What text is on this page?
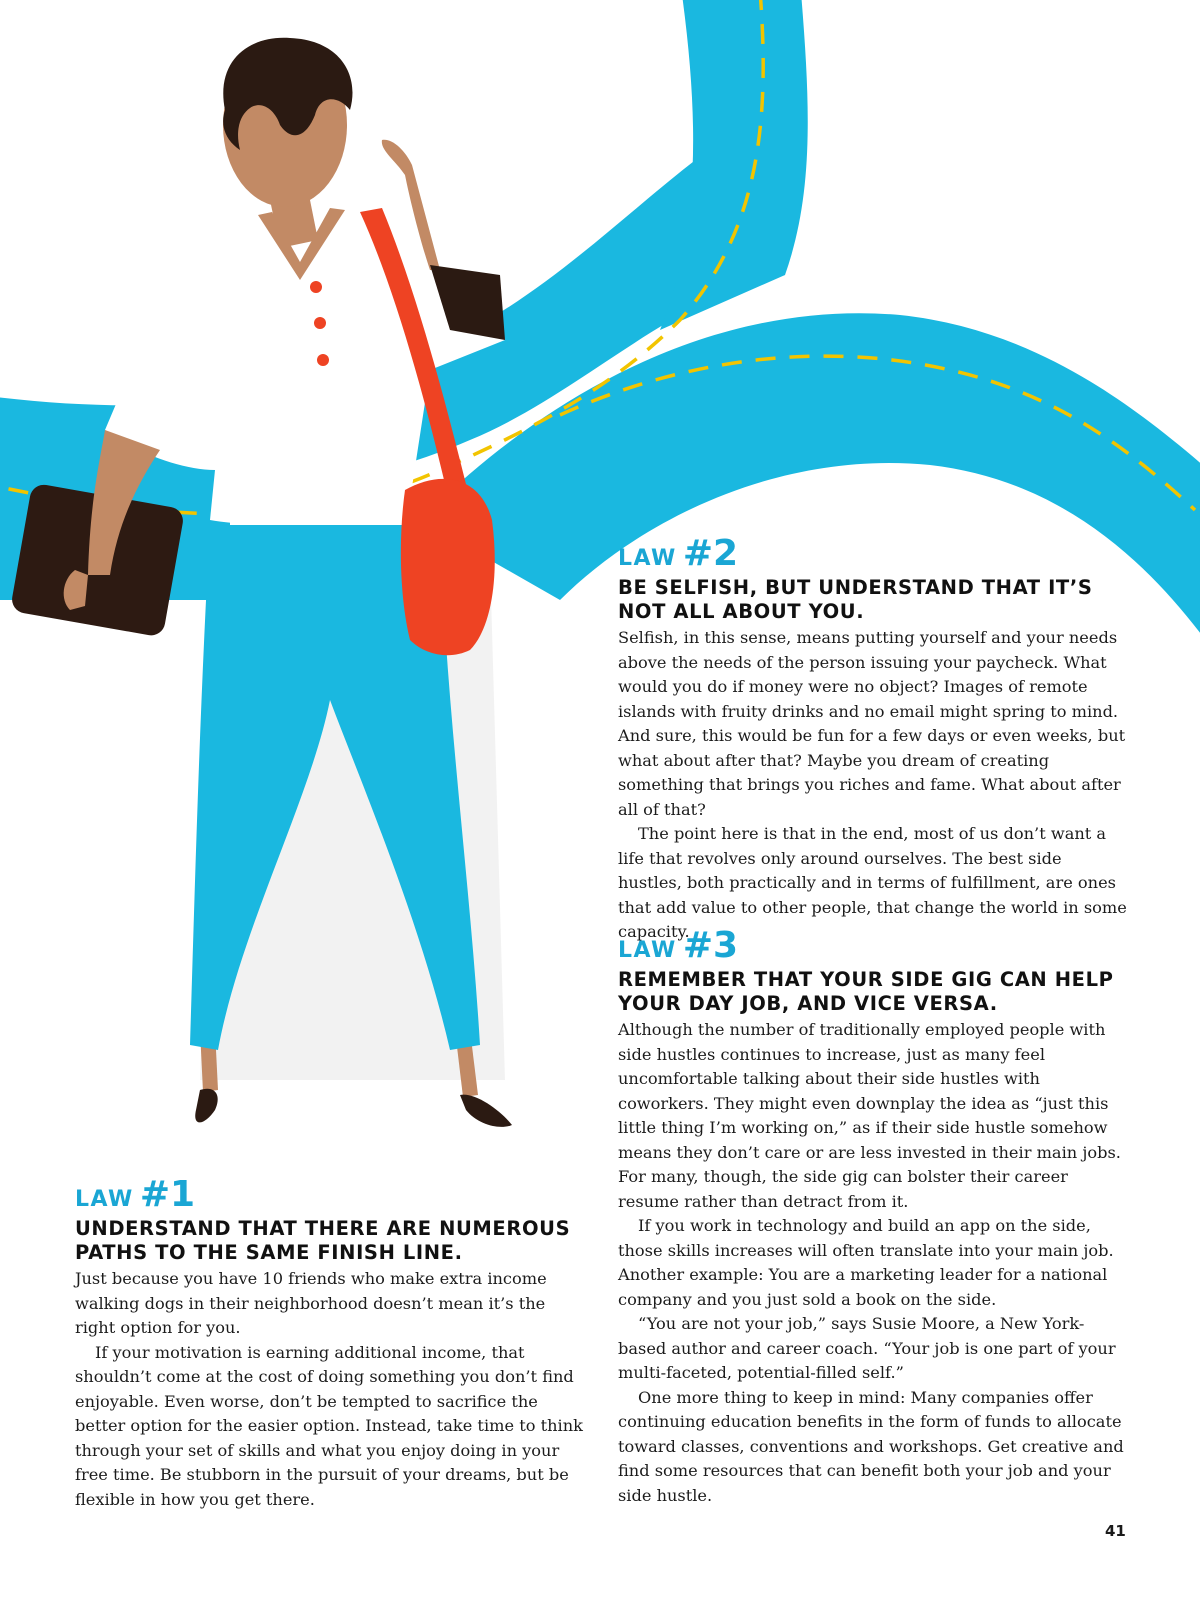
LAW #1
UNDERSTAND THAT THERE ARE NUMEROUS PATHS TO THE SAME FINISH LINE.

Just because you have 10 friends who make extra income walking dogs in their neighborhood doesn’t mean it’s the right option for you.

If your motivation is earning additional income, that shouldn’t come at the cost of doing something you don’t find enjoyable. Even worse, don’t be tempted to sacrifice the better option for the easier option. Instead, take time to think through your set of skills and what you enjoy doing in your free time. Be stubborn in the pursuit of your dreams, but be flexible in how you get there.

LAW #2
BE SELFISH, BUT UNDERSTAND THAT IT’S NOT ALL ABOUT YOU.

Selfish, in this sense, means putting yourself and your needs above the needs of the person issuing your paycheck. What would you do if money were no object? Images of remote islands with fruity drinks and no email might spring to mind. And sure, this would be fun for a few days or even weeks, but what about after that? Maybe you dream of creating something that brings you riches and fame. What about after all of that?

The point here is that in the end, most of us don’t want a life that revolves only around ourselves. The best side hustles, both practically and in terms of fulfillment, are ones that add value to other people, that change the world in some capacity.

LAW #3
REMEMBER THAT YOUR SIDE GIG CAN HELP YOUR DAY JOB, AND VICE VERSA.

Although the number of traditionally employed people with side hustles continues to increase, just as many feel uncomfortable talking about their side hustles with coworkers. They might even downplay the idea as “just this little thing I’m working on,” as if their side hustle somehow means they don’t care or are less invested in their main jobs. For many, though, the side gig can bolster their career resume rather than detract from it.

If you work in technology and build an app on the side, those skills increases will often translate into your main job. Another example: You are a marketing leader for a national company and you just sold a book on the side.

“You are not your job,” says Susie Moore, a New York-based author and career coach. “Your job is one part of your multi-faceted, potential-filled self.”

One more thing to keep in mind: Many companies offer continuing education benefits in the form of funds to allocate toward classes, conventions and workshops. Get creative and find some resources that can benefit both your job and your side hustle.

41
